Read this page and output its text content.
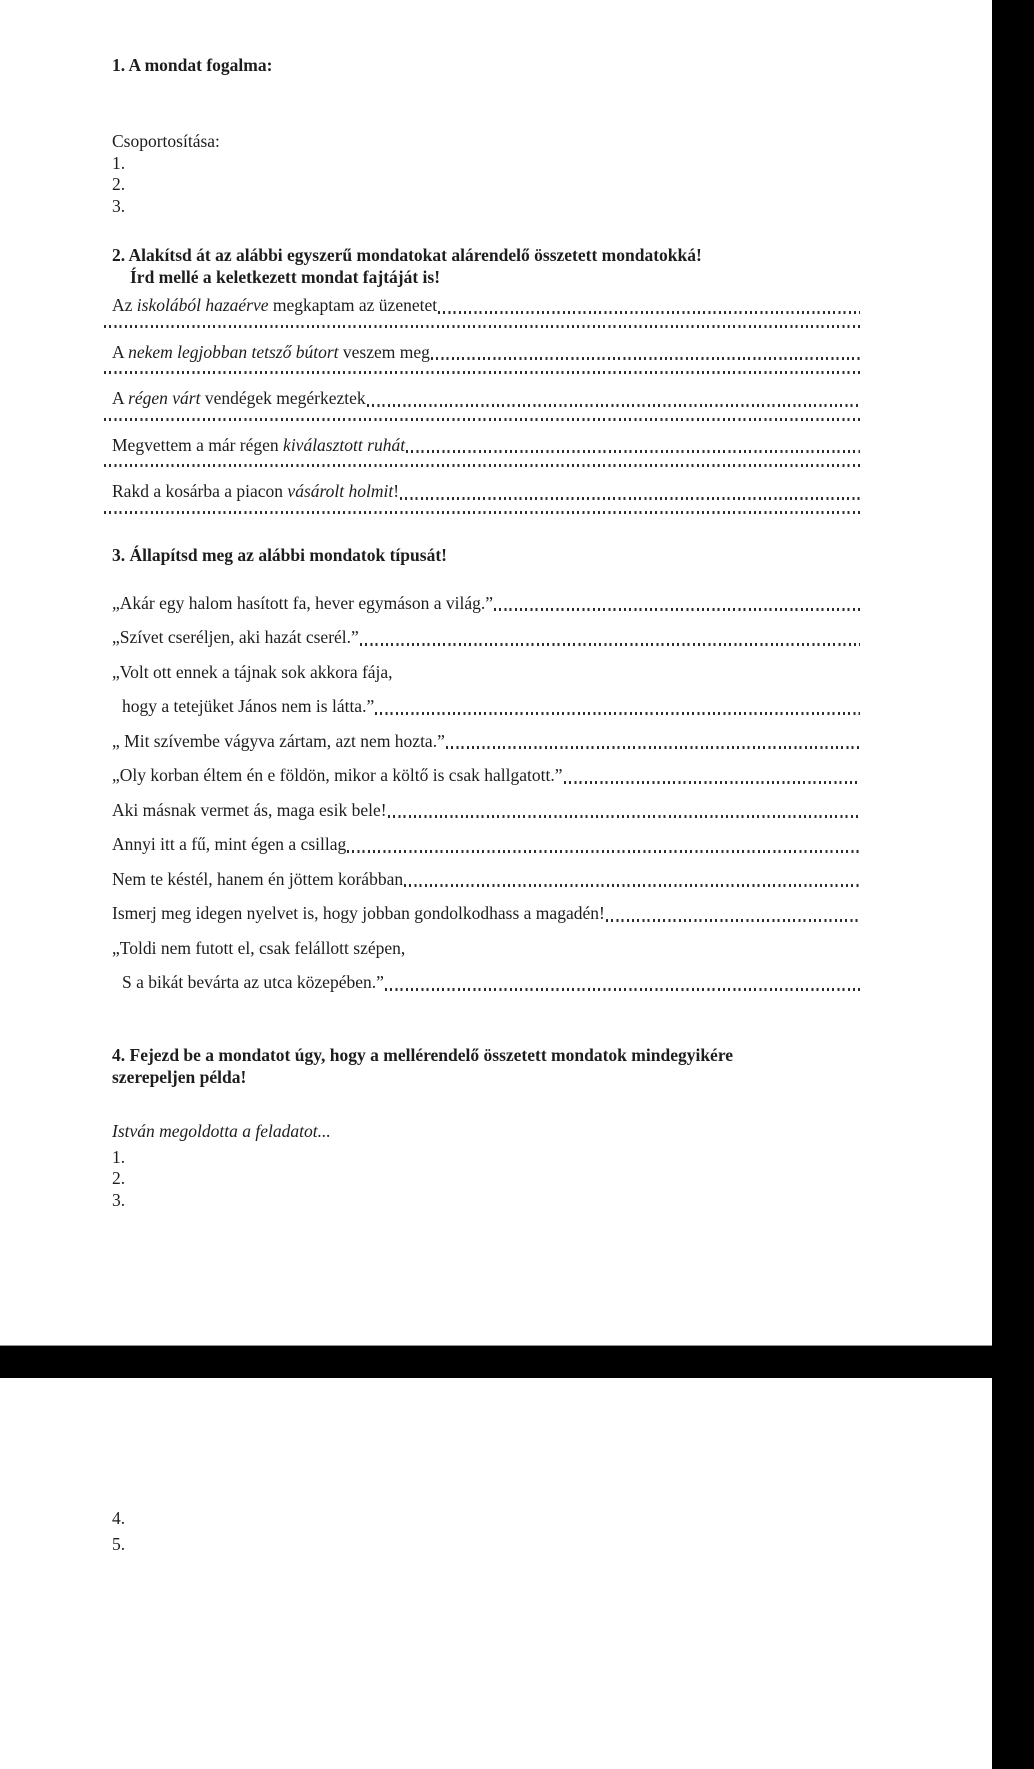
1. A mondat fogalma:

Csoportosítása:

1.

2.

3.

2. Alakítsd át az alábbi egyszerű mondatokat alárendelő összetett mondatokká!

Írd mellé a keletkezett mondat fajtáját is!

Az iskolából hazaérve megkaptam az üzenetet

A nekem legjobban tetsző bútort veszem meg

A régen várt vendégek megérkeztek

Megvettem a már régen kiválasztott ruhát

Rakd a kosárba a piacon vásárolt holmit!

3. Állapítsd meg az alábbi mondatok típusát!

„Akár egy halom hasított fa, hever egymáson a világ.”

„Szívet cseréljen, aki hazát cserél.”

„Volt ott ennek a tájnak sok akkora fája,

hogy a tetejüket János nem is látta.”

„ Mit szívembe vágyva zártam, azt nem hozta.”

„Oly korban éltem én e földön, mikor a költő is csak hallgatott.”

Aki másnak vermet ás, maga esik bele!

Annyi itt a fű, mint égen a csillag

Nem te késtél, hanem én jöttem korábban

Ismerj meg idegen nyelvet is, hogy jobban gondolkodhass a magadén!

„Toldi nem futott el, csak felállott szépen,

S a bikát bevárta az utca közepében.”

4. Fejezd be a mondatot úgy, hogy a mellérendelő összetett mondatok mindegyikére

szerepeljen példa!

István megoldotta a feladatot...

1.

2.

3.

4.

5.
